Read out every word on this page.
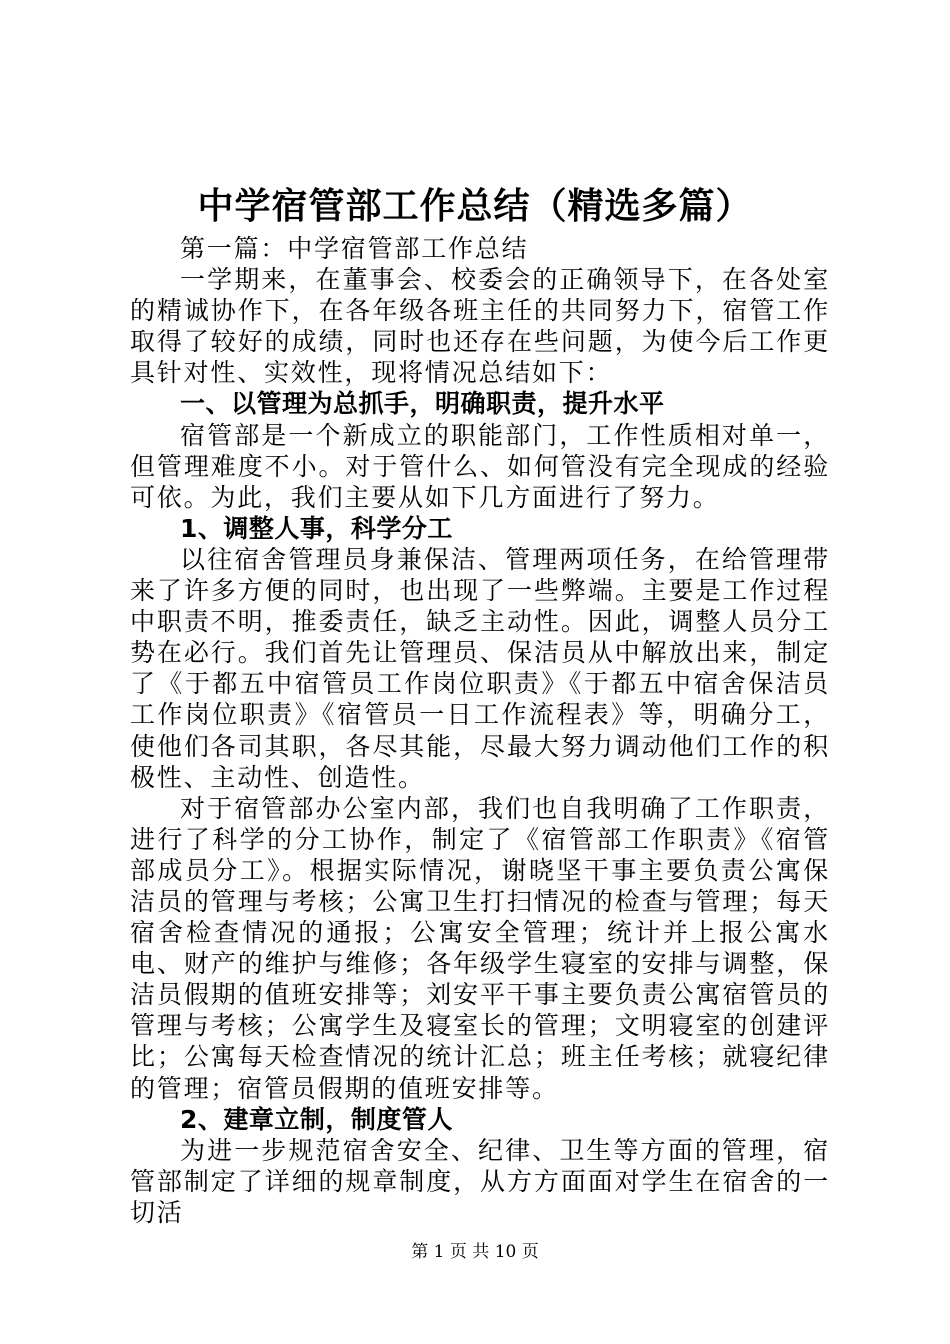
中学宿管部工作总结（精选多篇）

第一篇：中学宿管部工作总结

一学期来，在董事会、校委会的正确领导下，在各处室的精诚协作下，在各年级各班主任的共同努力下，宿管工作取得了较好的成绩，同时也还存在些问题，为使今后工作更具针对性、实效性，现将情况总结如下：

一、以管理为总抓手，明确职责，提升水平

宿管部是一个新成立的职能部门，工作性质相对单一，但管理难度不小。对于管什么、如何管没有完全现成的经验可依。为此，我们主要从如下几方面进行了努力。

1、调整人事，科学分工

以往宿舍管理员身兼保洁、管理两项任务，在给管理带来了许多方便的同时，也出现了一些弊端。主要是工作过程中职责不明，推委责任，缺乏主动性。因此，调整人员分工势在必行。我们首先让管理员、保洁员从中解放出来，制定了《于都五中宿管员工作岗位职责》《于都五中宿舍保洁员工作岗位职责》《宿管员一日工作流程表》等，明确分工，使他们各司其职，各尽其能，尽最大努力调动他们工作的积极性、主动性、创造性。

对于宿管部办公室内部，我们也自我明确了工作职责，进行了科学的分工协作，制定了《宿管部工作职责》《宿管部成员分工》。根据实际情况，谢晓坚干事主要负责公寓保洁员的管理与考核；公寓卫生打扫情况的检查与管理；每天宿舍检查情况的通报；公寓安全管理；统计并上报公寓水电、财产的维护与维修；各年级学生寝室的安排与调整，保洁员假期的值班安排等；刘安平干事主要负责公寓宿管员的管理与考核；公寓学生及寝室长的管理；文明寝室的创建评比；公寓每天检查情况的统计汇总；班主任考核；就寝纪律的管理；宿管员假期的值班安排等。

2、建章立制，制度管人

为进一步规范宿舍安全、纪律、卫生等方面的管理，宿管部制定了详细的规章制度，从方方面面对学生在宿舍的一切活

第 1 页 共 10 页
